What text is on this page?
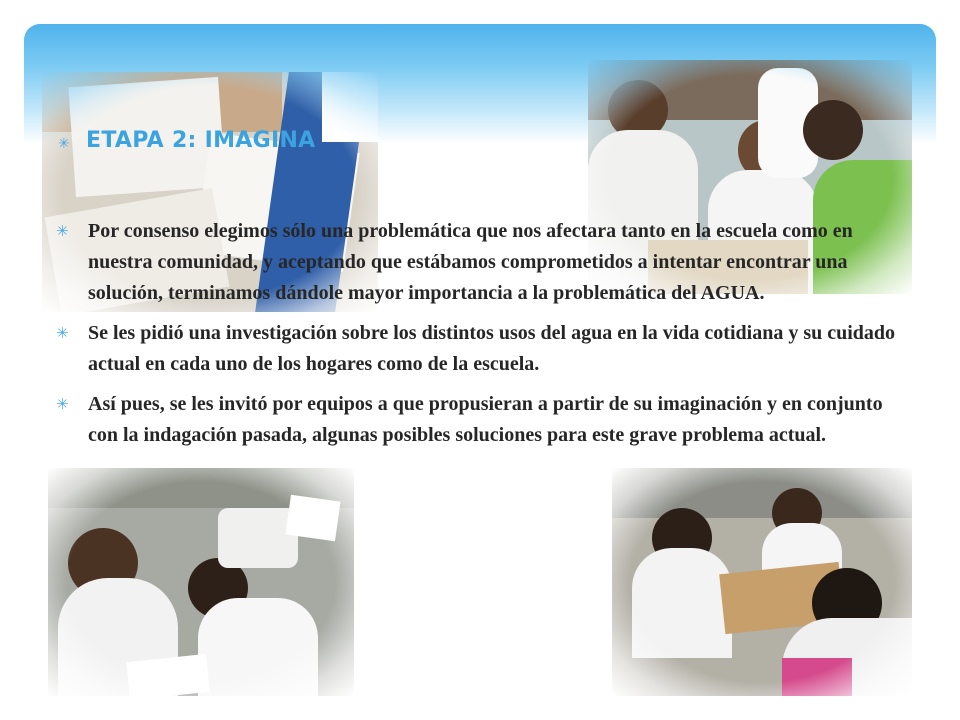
✳ ETAPA 2: IMAGINA
✳ Por consenso elegimos sólo una problemática que nos afectara tanto en la escuela como en nuestra comunidad, y aceptando que estábamos comprometidos a intentar encontrar una solución, terminamos dándole mayor importancia a la problemática del AGUA.
✳ Se les pidió una investigación sobre los distintos usos del agua en la vida cotidiana y su cuidado actual en cada uno de los hogares como de la escuela.
✳ Así pues, se les invitó por equipos a que propusieran a partir de su imaginación y en conjunto con la indagación pasada, algunas posibles soluciones para este grave problema actual.
